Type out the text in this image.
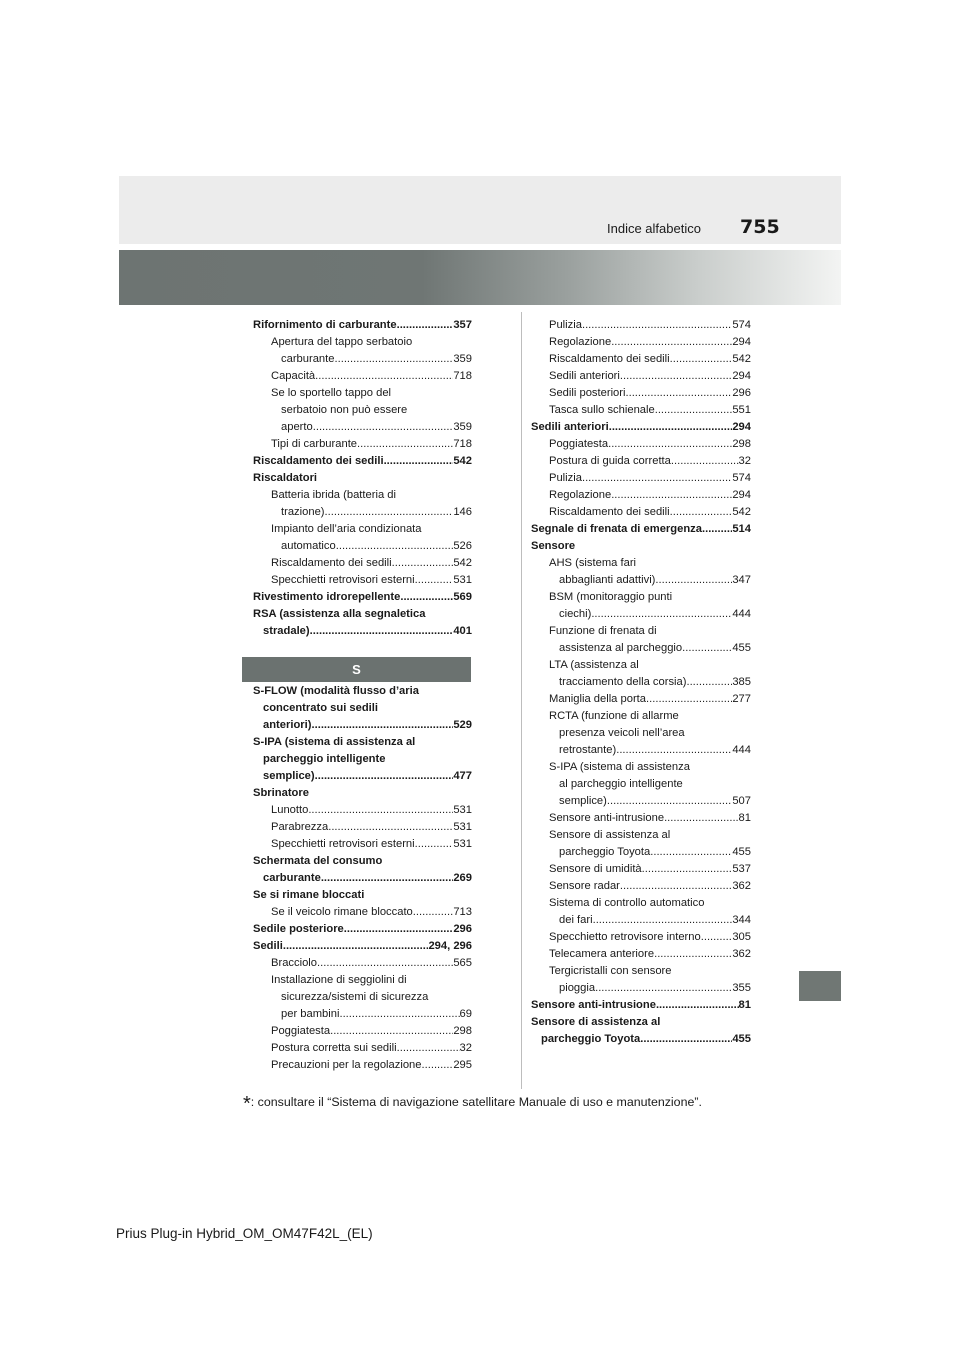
755
Indice alfabetico
Rifornimento di carburante .....	357
Apertura del tappo serbatoio
carburante .....	359
Capacità .....	718
Se lo sportello tappo del
serbatoio non può essere
aperto .....	359
Tipi di carburante .....	718
Riscaldamento dei sedili .....	542
Riscaldatori
Batteria ibrida (batteria di
trazione) .....	146
Impianto dell’aria condizionata
automatico .....	526
Riscaldamento dei sedili .....	542
Specchietti retrovisori esterni .....	531
Rivestimento idrorepellente .....	569
RSA (assistenza alla segnaletica
stradale) .....	401
S
S-FLOW (modalità flusso d’aria
concentrato sui sedili
anteriori) .....	529
S-IPA (sistema di assistenza al
parcheggio intelligente
semplice) .....	477
Sbrinatore
Lunotto .....	531
Parabrezza .....	531
Specchietti retrovisori esterni .....	531
Schermata del consumo
carburante .....	269
Se si rimane bloccati
Se il veicolo rimane bloccato .....	713
Sedile posteriore .....	296
Sedili .....	294, 296
Bracciolo .....	565
Installazione di seggiolini di
sicurezza/sistemi di sicurezza
per bambini .....	69
Poggiatesta .....	298
Postura corretta sui sedili .....	32
Precauzioni per la regolazione .....	295
Pulizia .....	574
Regolazione .....	294
Riscaldamento dei sedili .....	542
Sedili anteriori .....	294
Sedili posteriori .....	296
Tasca sullo schienale .....	551
Sedili anteriori .....	294
Poggiatesta .....	298
Postura di guida corretta .....	32
Pulizia .....	574
Regolazione .....	294
Riscaldamento dei sedili .....	542
Segnale di frenata di emergenza .....	514
Sensore
AHS (sistema fari
abbaglianti adattivi) .....	347
BSM (monitoraggio punti
ciechi) .....	444
Funzione di frenata di
assistenza al parcheggio .....	455
LTA (assistenza al
tracciamento della corsia) .....	385
Maniglia della porta .....	277
RCTA (funzione di allarme
presenza veicoli nell’area
retrostante) .....	444
S-IPA (sistema di assistenza
al parcheggio intelligente
semplice) .....	507
Sensore anti-intrusione .....	81
Sensore di assistenza al
parcheggio Toyota .....	455
Sensore di umidità .....	537
Sensore radar .....	362
Sistema di controllo automatico
dei fari .....	344
Specchietto retrovisore interno .....	305
Telecamera anteriore .....	362
Tergicristalli con sensore
pioggia .....	355
Sensore anti-intrusione .....	81
Sensore di assistenza al
parcheggio Toyota .....	455
*: consultare il “Sistema di navigazione satellitare Manuale di uso e manutenzione”.
Prius Plug-in Hybrid_OM_OM47F42L_(EL)
